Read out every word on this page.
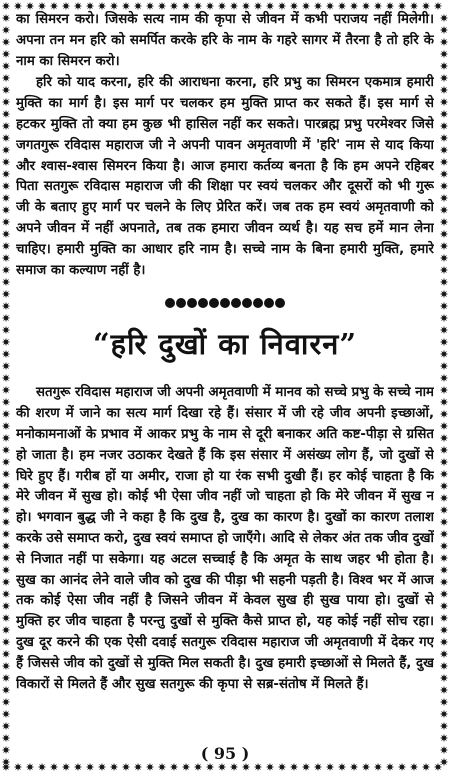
का सिमरन करो। जिसके सत्य नाम की कृपा से जीवन में कभी पराजय नहीं मिलेगी। अपना तन मन हरि को समर्पित करके हरि के नाम के गहरे सागर में तैरना है तो हरि के नाम का सिमरन करो।

हरि को याद करना, हरि की आराधना करना, हरि प्रभु का सिमरन एकमात्र हमारी मुक्ति का मार्ग है। इस मार्ग पर चलकर हम मुक्ति प्राप्त कर सकते हैं। इस मार्ग से हटकर मुक्ति तो क्या हम कुछ भी हासिल नहीं कर सकते। पारब्रह्म प्रभु परमेश्वर जिसे जगतगुरू रविदास महाराज जी ने अपनी पावन अमृतवाणी में 'हरि' नाम से याद किया और श्वास-श्वास सिमरन किया है। आज हमारा कर्तव्य बनता है कि हम अपने रहिबर पिता सतगुरू रविदास महाराज जी की शिक्षा पर स्वयं चलकर और दूसरों को भी गुरू जी के बताए हुए मार्ग पर चलने के लिए प्रेरित करें। जब तक हम स्वयं अमृतवाणी को अपने जीवन में नहीं अपनाते, तब तक हमारा जीवन व्यर्थ है। यह सच हमें मान लेना चाहिए। हमारी मुक्ति का आधार हरि नाम है। सच्चे नाम के बिना हमारी मुक्ति, हमारे समाज का कल्याण नहीं है।

“हरि दुखों का निवारन”

सतगुरू रविदास महाराज जी अपनी अमृतवाणी में मानव को सच्चे प्रभु के सच्चे नाम की शरण में जाने का सत्य मार्ग दिखा रहे हैं। संसार में जी रहे जीव अपनी इच्छाओं, मनोकामनाओं के प्रभाव में आकर प्रभु के नाम से दूरी बनाकर अति कष्ट-पीड़ा से ग्रसित हो जाता है। हम नजर उठाकर देखते हैं कि इस संसार में असंख्य लोग हैं, जो दुखों से घिरे हुए हैं। गरीब हों या अमीर, राजा हो या रंक सभी दुखी हैं। हर कोई चाहता है कि मेरे जीवन में सुख हो। कोई भी ऐसा जीव नहीं जो चाहता हो कि मेरे जीवन में सुख न हो। भगवान बुद्ध जी ने कहा है कि दुख है, दुख का कारण है। दुखों का कारण तलाश करके उसे समाप्त करो, दुख स्वयं समाप्त हो जाएँगे। आदि से लेकर अंत तक जीव दुखों से निजात नहीं पा सकेगा। यह अटल सच्चाई है कि अमृत के साथ जहर भी होता है। सुख का आनंद लेने वाले जीव को दुख की पीड़ा भी सहनी पड़ती है। विश्व भर में आज तक कोई ऐसा जीव नहीं है जिसने जीवन में केवल सुख ही सुख पाया हो। दुखों से मुक्ति हर जीव चाहता है परन्तु दुखों से मुक्ति कैसे प्राप्त हो, यह कोई नहीं सोच रहा। दुख दूर करने की एक ऐसी दवाई सतगुरू रविदास महाराज जी अमृतवाणी में देकर गए हैं जिससे जीव को दुखों से मुक्ति मिल सकती है। दुख हमारी इच्छाओं से मिलते हैं, दुख विकारों से मिलते हैं और सुख सतगुरू की कृपा से सब्र-संतोष में मिलते हैं।

( 95 )
